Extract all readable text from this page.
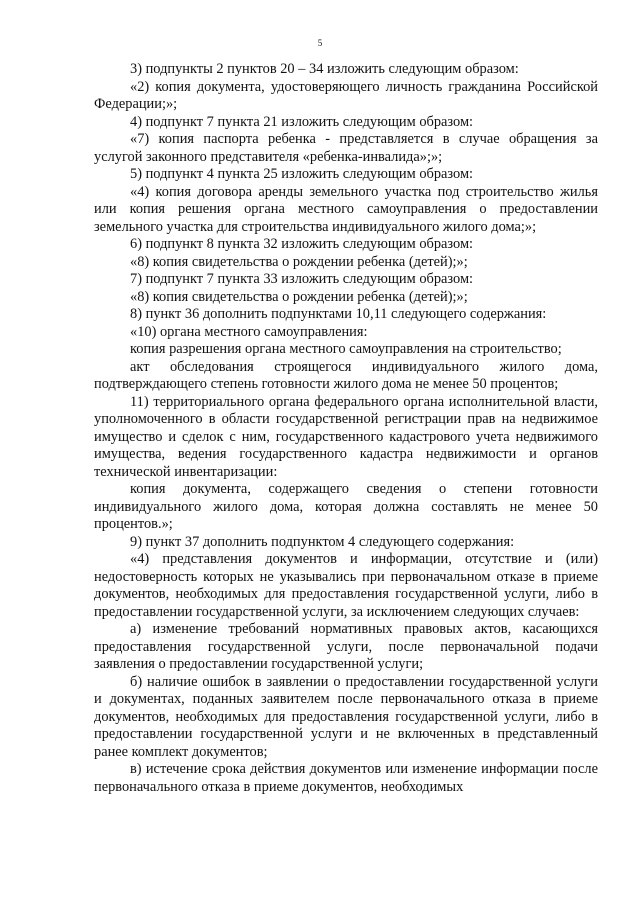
5

3) подпункты 2 пунктов 20 – 34 изложить следующим образом:

«2) копия документа, удостоверяющего личность гражданина Российской Федерации;»;

4) подпункт 7 пункта 21 изложить следующим образом:

«7) копия паспорта ребенка - представляется в случае обращения за услугой законного представителя «ребенка-инвалида»;»;

5) подпункт 4 пункта 25 изложить следующим образом:

«4) копия договора аренды земельного участка под строительство жилья или копия решения органа местного самоуправления о предоставлении земельного участка для строительства индивидуального жилого дома;»;

6) подпункт 8 пункта 32 изложить следующим образом:

«8) копия свидетельства о рождении ребенка (детей);»;

7) подпункт 7 пункта 33 изложить следующим образом:

«8) копия свидетельства о рождении ребенка (детей);»;

8) пункт 36 дополнить подпунктами 10,11 следующего содержания:

«10) органа местного самоуправления:

копия разрешения органа местного самоуправления на строительство;

акт обследования строящегося индивидуального жилого дома, подтверждающего степень готовности жилого дома не менее 50 процентов;

11) территориального органа федерального органа исполнительной власти, уполномоченного в области государственной регистрации прав на недвижимое имущество и сделок с ним, государственного кадастрового учета недвижимого имущества, ведения государственного кадастра недвижимости и органов технической инвентаризации:

копия документа, содержащего сведения о степени готовности индивидуального жилого дома, которая должна составлять не менее 50 процентов.»;

9) пункт 37 дополнить подпунктом 4 следующего содержания:

«4) представления документов и информации, отсутствие и (или) недостоверность которых не указывались при первоначальном отказе в приеме документов, необходимых для предоставления государственной услуги, либо в предоставлении государственной услуги, за исключением следующих случаев:

а) изменение требований нормативных правовых актов, касающихся предоставления государственной услуги, после первоначальной подачи заявления о предоставлении государственной услуги;

б) наличие ошибок в заявлении о предоставлении государственной услуги и документах, поданных заявителем после первоначального отказа в приеме документов, необходимых для предоставления государственной услуги, либо в предоставлении государственной услуги и не включенных в представленный ранее комплект документов;

в) истечение срока действия документов или изменение информации после первоначального отказа в приеме документов, необходимых
